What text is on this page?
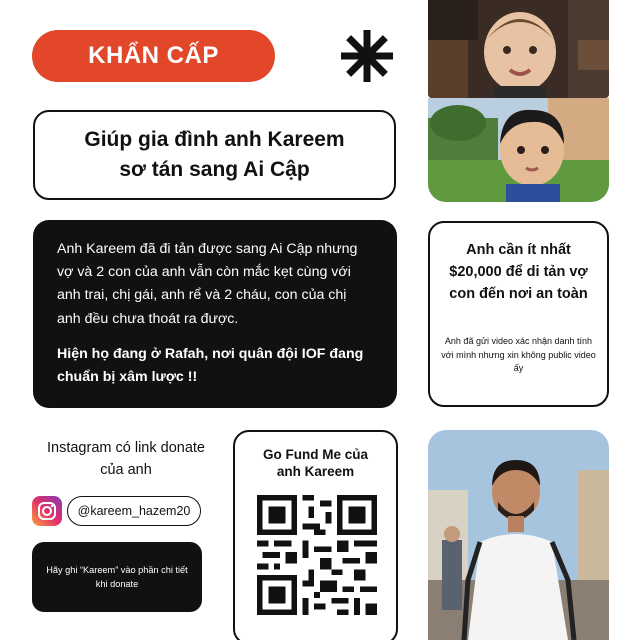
KHẨN CẤP
Giúp gia đình anh Kareem
sơ tán sang Ai Cập
Anh Kareem đã đi tản được sang Ai Cập nhưng vợ và 2 con của anh vẫn còn mắc kẹt cùng với anh trai, chị gái, anh rể và 2 cháu, con của chị anh đều chưa thoát ra được.
Hiện họ đang ở Rafah, nơi quân đội IOF đang chuẩn bị xâm lược !!
Anh cần ít nhất $20,000 để di tản vợ con đến nơi an toàn
Anh đã gửi video xác nhận danh tính với mình nhưng xin không public video ấy
Instagram có link donate của anh
@kareem_hazem20
Hãy ghi “Kareem” vào phần chi tiết khi donate
Go Fund Me của anh Kareem
